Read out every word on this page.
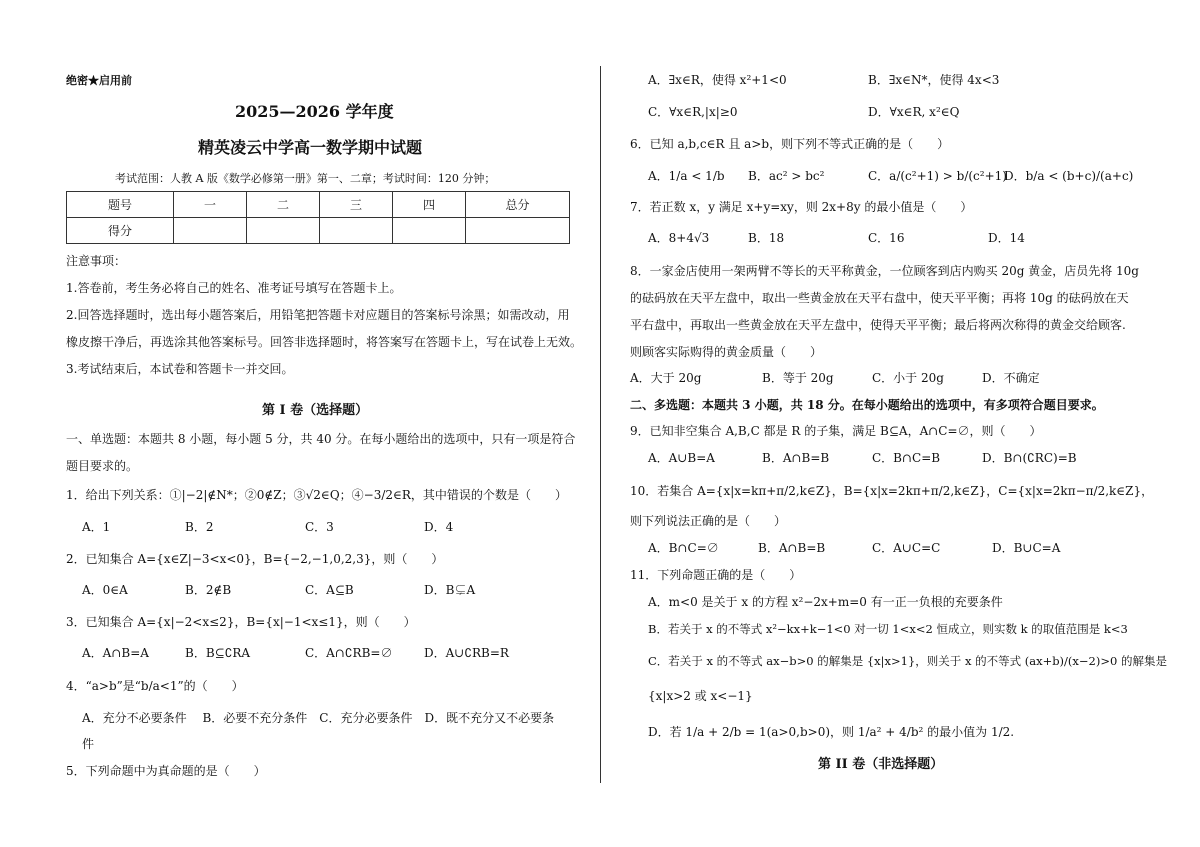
绝密★启用前
2025—2026 学年度
精英凌云中学高一数学期中试题
考试范围：人教 A 版《数学必修第一册》第一、二章；考试时间：120 分钟；
题号	一	二	三	四	总分
得分					
注意事项：
1.答卷前，考生务必将自己的姓名、准考证号填写在答题卡上。
2.回答选择题时，选出每小题答案后，用铅笔把答题卡对应题目的答案标号涂黑；如需改动，用
橡皮擦干净后，再选涂其他答案标号。回答非选择题时，将答案写在答题卡上，写在试卷上无效。
3.考试结束后，本试卷和答题卡一并交回。
第 I 卷（选择题）
一、单选题：本题共 8 小题，每小题 5 分，共 40 分。在每小题给出的选项中，只有一项是符合
题目要求的。
1．给出下列关系：①|−2|∉N*；②0∉Z；③√2∈Q；④−3/2∈R，其中错误的个数是（　　）
A．1	B．2	C．3	D．4
2．已知集合 A={x∈Z|−3<x<0}，B={−2,−1,0,2,3}，则（　　）
A．0∈A	B．2∉B	C．A⊆B	D．B⊊A
3．已知集合 A={x|−2<x≤2}，B={x|−1<x≤1}，则（　　）
A．A∩B=A	B．B⊆∁RA	C．A∩∁RB=∅	D．A∪∁RB=R
4．“a>b”是“b/a<1”的（　　）
A．充分不必要条件　 B．必要不充分条件　C．充分必要条件　D．既不充分又不必要条
件
5．下列命题中为真命题的是（　　）
A．∃x∈R，使得 x²+1<0	B．∃x∈N*，使得 4x<3
C．∀x∈R,|x|≥0	D．∀x∈R, x²∈Q
6．已知 a,b,c∈R 且 a>b，则下列不等式正确的是（　　）
A．1/a < 1/b B．ac² > bc²	C．a/(c²+1) > b/(c²+1)
D．b/a < (b+c)/(a+c)
7．若正数 x，y 满足 x+y=xy，则 2x+8y 的最小值是（　　）
A．8+4√3	B．18	C．16	D．14
8．一家金店使用一架两臂不等长的天平称黄金，一位顾客到店内购买 20g 黄金，店员先将 10g
的砝码放在天平左盘中，取出一些黄金放在天平右盘中，使天平平衡；再将 10g 的砝码放在天
平右盘中，再取出一些黄金放在天平左盘中，使得天平平衡；最后将两次称得的黄金交给顾客.
则顾客实际购得的黄金质量（　　）
A．大于 20g	B．等于 20g	C．小于 20g	D．不确定
二、多选题：本题共 3 小题，共 18 分。在每小题给出的选项中，有多项符合题目要求。
9．已知非空集合 A,B,C 都是 R 的子集，满足 B⊆A，A∩C=∅，则（　　）
A．A∪B=A	B．A∩B=B	C．B∩C=B	D．B∩(∁RC)=B
10．若集合 A={x|x=kπ+π/2,k∈Z}，B={x|x=2kπ+π/2,k∈Z}，C={x|x=2kπ−π/2,k∈Z}，
则下列说法正确的是（　　）
A．B∩C=∅	B．A∩B=B	C．A∪C=C	D．B∪C=A
11．下列命题正确的是（　　）
A．m<0 是关于 x 的方程 x²−2x+m=0 有一正一负根的充要条件
B．若关于 x 的不等式 x²−kx+k−1<0 对一切 1<x<2 恒成立，则实数 k 的取值范围是 k<3
C．若关于 x 的不等式 ax−b>0 的解集是 {x|x>1}，则关于 x 的不等式 (ax+b)/(x−2)>0 的解集是
{x|x>2 或 x<−1}
D．若 1/a + 2/b = 1(a>0,b>0)，则 1/a² + 4/b² 的最小值为 1/2.
第 II 卷（非选择题）
